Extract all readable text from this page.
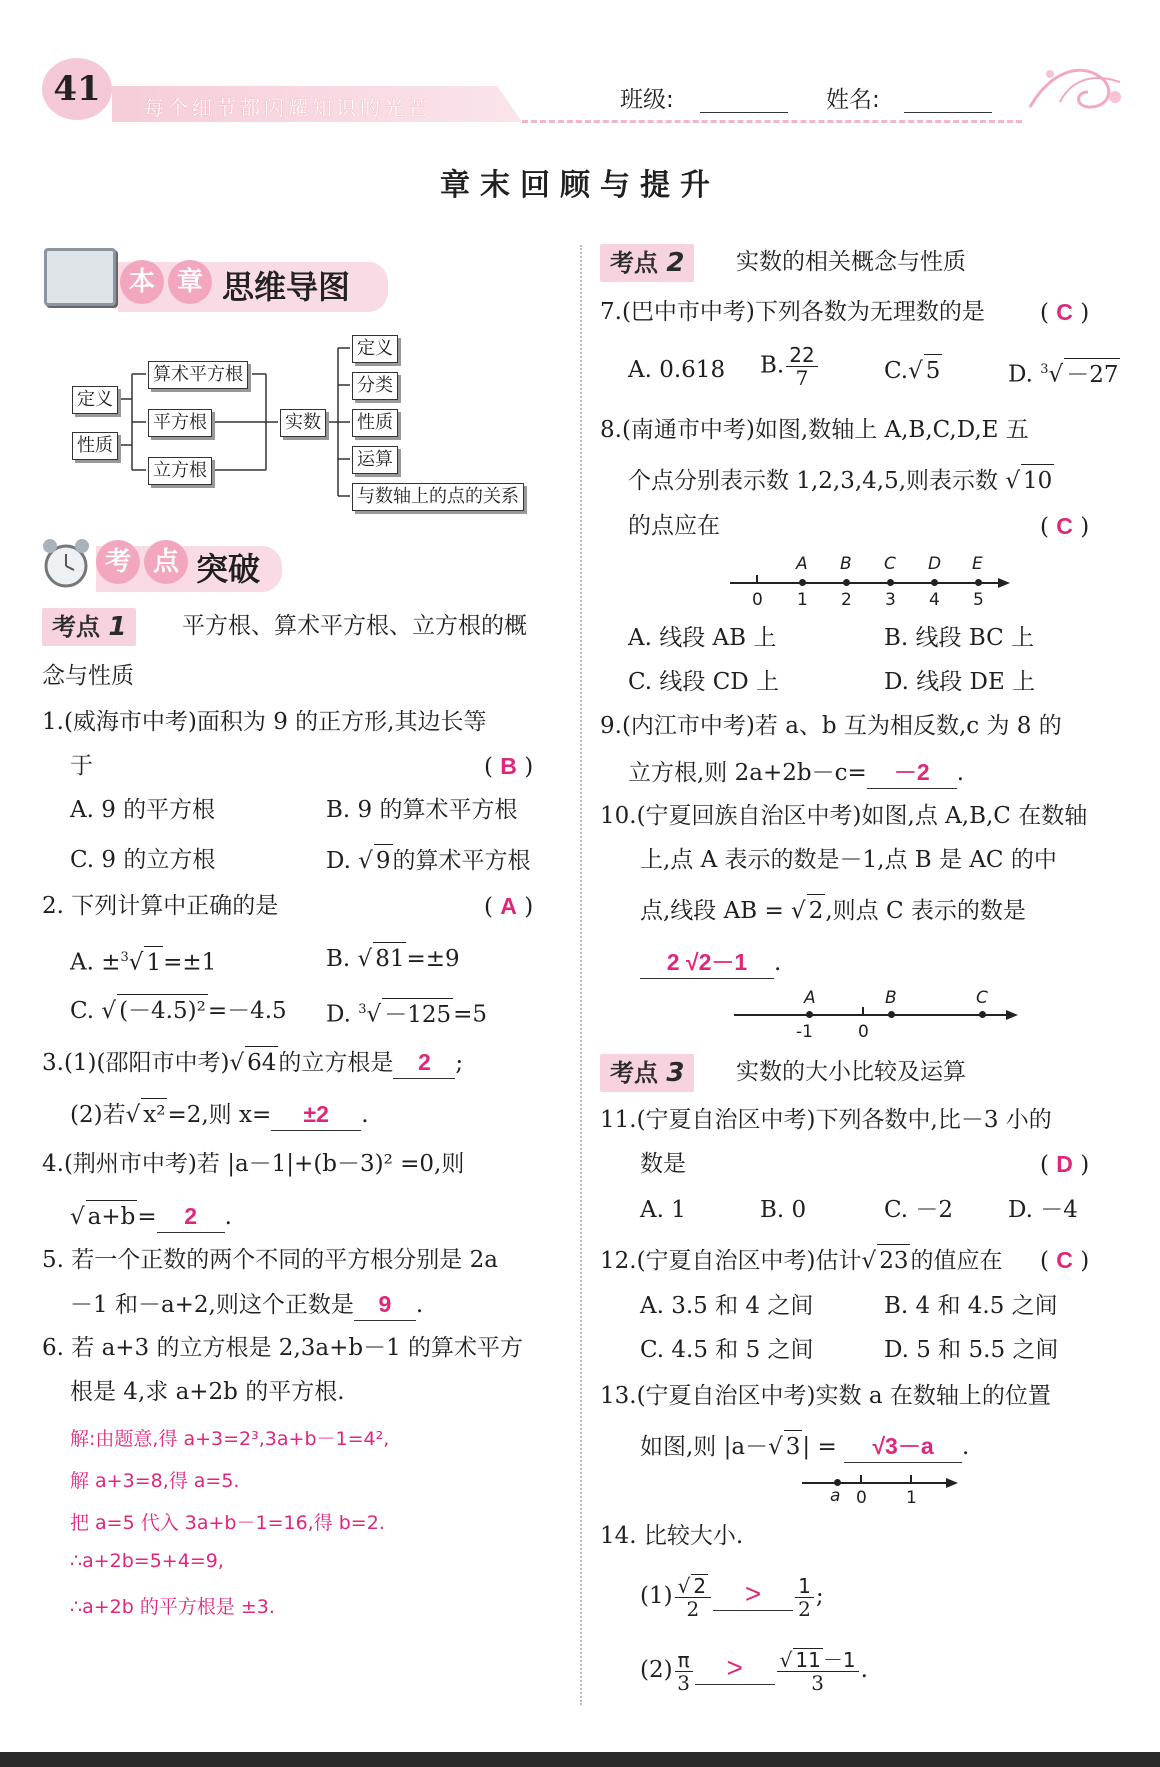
41	每个细节都闪耀知识的光芒	班级:	姓名:
章末回顾与提升
本 章 思维导图
定义
性质
算术平方根
平方根
立方根
实数
定义
分类
性质
运算
与数轴上的点的关系
考 点 突破
考点 1	平方根、算术平方根、立方根的概
念与性质
1.(威海市中考)面积为 9 的正方形,其边长等
于	( B )
A. 9 的平方根	B. 9 的算术平方根
C. 9 的立方根	D. √ 9的算术平方根
2. 下列计算中正确的是	( A )
A. ±$^3$√ 1=±1	B. √ 81=±9
C. √ (－4.5)²=－4.5 D. $^3$√ －125=5
3.(1)(邵阳市中考)√ 64的立方根是 2 ;
(2)若√ x²=2,则 x= ±2 .
4.(荆州市中考)若 |a－1|+(b－3)² =0,则
√ a+b= 2 .
5. 若一个正数的两个不同的平方根分别是 2a
－1 和－a+2,则这个正数是 9 .
6. 若 a+3 的立方根是 2,3a+b－1 的算术平方
根是 4,求 a+2b 的平方根.
解:由题意,得 a+3=2³,3a+b－1=4²,
解 a+3=8,得 a=5.
把 a=5 代入 3a+b－1=16,得 b=2.
∴a+2b=5+4=9,
∴a+2b 的平方根是 ±3.
考点 2	实数的相关概念与性质
7.(巴中市中考)下列各数为无理数的是 ( C )
A. 0.618 B. $\frac{22}{7}$	C.√ 5	D. $^3$√ －27
8.(南通市中考)如图,数轴上 A,B,C,D,E 五
个点分别表示数 1,2,3,4,5,则表示数 √ 10
的点应在	( C )
A B C D E
0 1 2 3 4 5
A. 线段 AB 上	B. 线段 BC 上
C. 线段 CD 上	D. 线段 DE 上
9.(内江市中考)若 a、b 互为相反数,c 为 8 的
立方根,则 2a+2b－c= －2 .
10.(宁夏回族自治区中考)如图,点 A,B,C 在数轴
上,点 A 表示的数是－1,点 B 是 AC 的中
点,线段 AB = √ 2,则点 C 表示的数是
2 √2－1 .
A	B	C
-1	0
考点 3	实数的大小比较及运算
11.(宁夏自治区中考)下列各数中,比－3 小的
数是	( D )
A. 1	B. 0	C. －2 D. －4
12.(宁夏自治区中考)估计√ 23的值应在 ( C )
A. 3.5 和 4 之间	B. 4 和 4.5 之间
C. 4.5 和 5 之间	D. 5 和 5.5 之间
13.(宁夏自治区中考)实数 a 在数轴上的位置
如图,则 |a－√ 3| = √3－a .
a 0 1
14. 比较大小.
$(1) \frac{√ 2}{2} > \frac{1}{2}$ ;
$(2) \frac{\pi}{3} > \frac{√ 11 -1}{3}$ .
